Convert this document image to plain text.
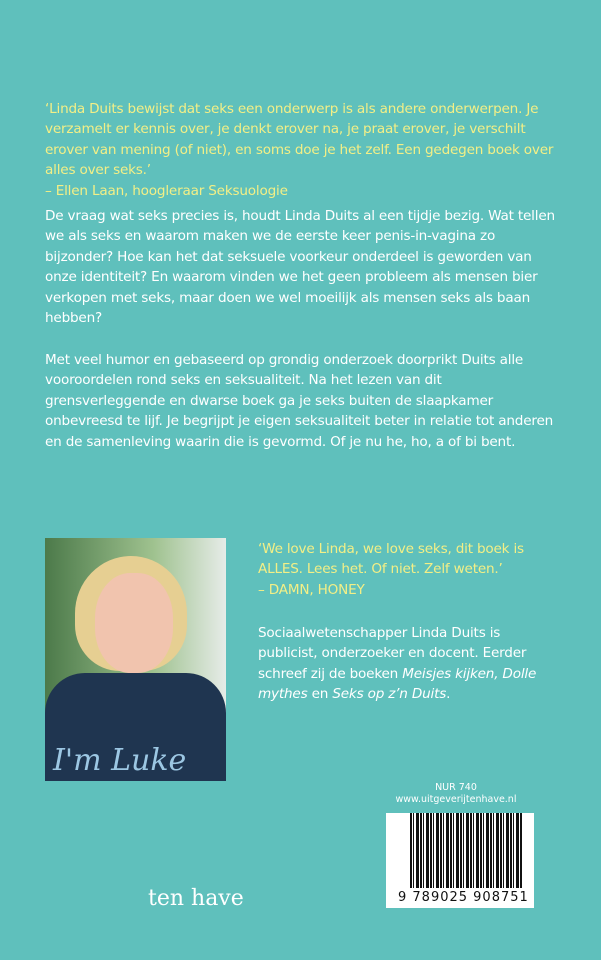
‘Linda Duits bewijst dat seks een onderwerp is als andere onderwerpen. Je verzamelt er kennis over, je denkt erover na, je praat erover, je verschilt erover van mening (of niet), en soms doe je het zelf. Een gedegen boek over alles over seks.’
– Ellen Laan, hoogleraar Seksuologie

De vraag wat seks precies is, houdt Linda Duits al een tijdje bezig. Wat tellen we als seks en waarom maken we de eerste keer penis-in-vagina zo bijzonder? Hoe kan het dat seksuele voorkeur onderdeel is geworden van onze identiteit? En waarom vinden we het geen probleem als mensen bier verkopen met seks, maar doen we wel moeilijk als mensen seks als baan hebben?

Met veel humor en gebaseerd op grondig onderzoek doorprikt Duits alle vooroordelen rond seks en seksualiteit. Na het lezen van dit grensverleggende en dwarse boek ga je seks buiten de slaapkamer onbevreesd te lijf. Je begrijpt je eigen seksualiteit beter in relatie tot anderen en de samenleving waarin die is gevormd. Of je nu he, ho, a of bi bent.

I'm Luke

‘We love Linda, we love seks, dit boek is ALLES. Lees het. Of niet. Zelf weten.’
– DAMN, HONEY

Sociaalwetenschapper Linda Duits is publicist, onderzoeker en docent. Eerder schreef zij de boeken Meisjes kijken, Dolle mythes en Seks op z’n Duits.

NUR 740
www.uitgeverijtenhave.nl
9 789025 908751
ten have
